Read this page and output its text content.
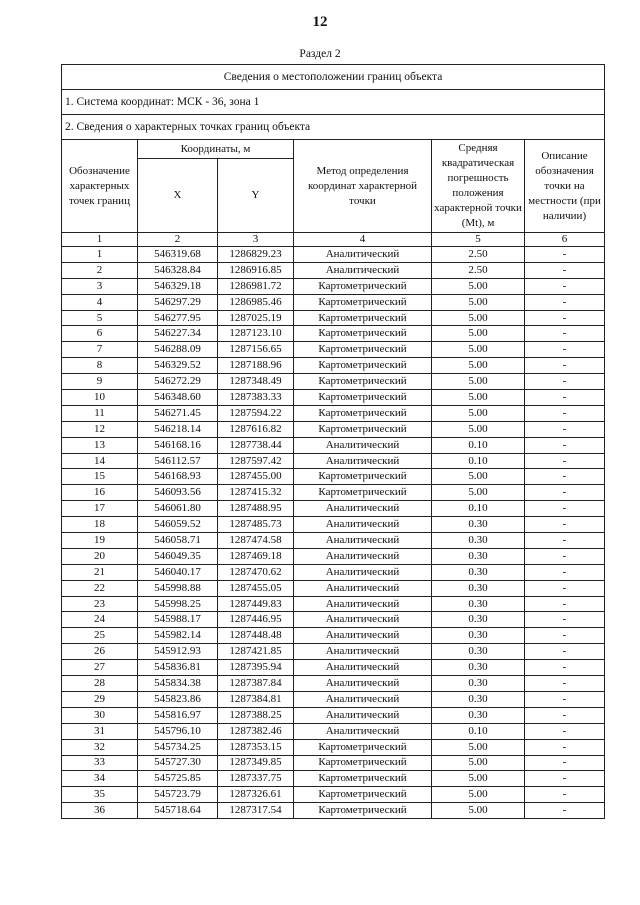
12
Раздел 2
Сведения о местоположении границ объекта					
1. Система координат: МСК - 36, зона 1					
2. Сведения о характерных точках границ объекта					
Обозначение характерных точек границ	Координаты, м		Метод определения координат характерной точки	Средняя квадратическая погрешность положения характерной точки (Mt), м	Описание обозначения точки на местности (при наличии)
	X	Y			
1	2	3	4	5	6
1	546319.68	1286829.23	Аналитический	2.50	-
2	546328.84	1286916.85	Аналитический	2.50	-
3	546329.18	1286981.72	Картометрический	5.00	-
4	546297.29	1286985.46	Картометрический	5.00	-
5	546277.95	1287025.19	Картометрический	5.00	-
6	546227.34	1287123.10	Картометрический	5.00	-
7	546288.09	1287156.65	Картометрический	5.00	-
8	546329.52	1287188.96	Картометрический	5.00	-
9	546272.29	1287348.49	Картометрический	5.00	-
10	546348.60	1287383.33	Картометрический	5.00	-
11	546271.45	1287594.22	Картометрический	5.00	-
12	546218.14	1287616.82	Картометрический	5.00	-
13	546168.16	1287738.44	Аналитический	0.10	-
14	546112.57	1287597.42	Аналитический	0.10	-
15	546168.93	1287455.00	Картометрический	5.00	-
16	546093.56	1287415.32	Картометрический	5.00	-
17	546061.80	1287488.95	Аналитический	0.10	-
18	546059.52	1287485.73	Аналитический	0.30	-
19	546058.71	1287474.58	Аналитический	0.30	-
20	546049.35	1287469.18	Аналитический	0.30	-
21	546040.17	1287470.62	Аналитический	0.30	-
22	545998.88	1287455.05	Аналитический	0.30	-
23	545998.25	1287449.83	Аналитический	0.30	-
24	545988.17	1287446.95	Аналитический	0.30	-
25	545982.14	1287448.48	Аналитический	0.30	-
26	545912.93	1287421.85	Аналитический	0.30	-
27	545836.81	1287395.94	Аналитический	0.30	-
28	545834.38	1287387.84	Аналитический	0.30	-
29	545823.86	1287384.81	Аналитический	0.30	-
30	545816.97	1287388.25	Аналитический	0.30	-
31	545796.10	1287382.46	Аналитический	0.10	-
32	545734.25	1287353.15	Картометрический	5.00	-
33	545727.30	1287349.85	Картометрический	5.00	-
34	545725.85	1287337.75	Картометрический	5.00	-
35	545723.79	1287326.61	Картометрический	5.00	-
36	545718.64	1287317.54	Картометрический	5.00	-
